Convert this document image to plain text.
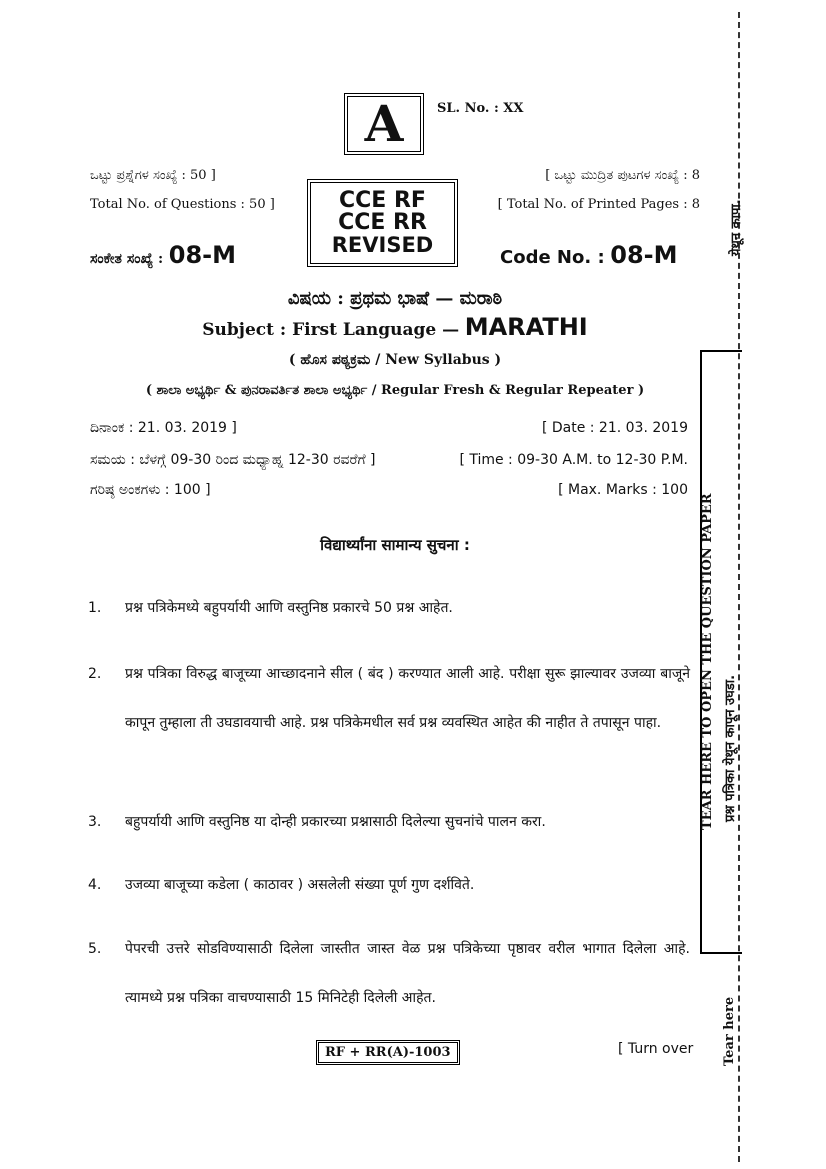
A	SL. No. : XX
ಒಟ್ಟು ಪ್ರಶ್ನೆಗಳ ಸಂಖ್ಯೆ : 50 ]
Total No. of Questions : 50 ]
[ ಒಟ್ಟು ಮುದ್ರಿತ ಪುಟಗಳ ಸಂಖ್ಯೆ : 8
[ Total No. of Printed Pages : 8
CCE RF
CCE RR
REVISED
ಸಂಕೇತ ಸಂಖ್ಯೆ : 08-M	Code No. : 08-M
ವಿಷಯ : ಪ್ರಥಮ ಭಾಷೆ — ಮರಾಠಿ
Subject : First Language — MARATHI
( ಹೊಸ ಪಠ್ಯಕ್ರಮ / New Syllabus )
( ಶಾಲಾ ಅಭ್ಯರ್ಥಿ & ಪುನರಾವರ್ತಿತ ಶಾಲಾ ಅಭ್ಯರ್ಥಿ / Regular Fresh & Regular Repeater )
ದಿನಾಂಕ : 21. 03. 2019 ]	[ Date : 21. 03. 2019
ಸಮಯ : ಬೆಳಗ್ಗೆ 09-30 ರಿಂದ ಮಧ್ಯಾಹ್ನ 12-30 ರವರೆಗೆ ]	[ Time : 09-30 A.M. to 12-30 P.M.
ಗರಿಷ್ಠ ಅಂಕಗಳು : 100 ]	[ Max. Marks : 100
विद्यार्थ्यांना सामान्य सुचना :
1.	प्रश्न पत्रिकेमध्ये बहुपर्यायी आणि वस्तुनिष्ठ प्रकारचे 50 प्रश्न आहेत.
2.	प्रश्न पत्रिका विरुद्ध बाजूच्या आच्छादनाने सील ( बंद ) करण्यात आली आहे. परीक्षा सुरू झाल्यावर उजव्या बाजूने कापून तुम्हाला ती उघडावयाची आहे. प्रश्न पत्रिकेमधील सर्व प्रश्न व्यवस्थित आहेत की नाहीत ते तपासून पाहा.
3.	बहुपर्यायी आणि वस्तुनिष्ठ या दोन्ही प्रकारच्या प्रश्नासाठी दिलेल्या सुचनांचे पालन करा.
4.	उजव्या बाजूच्या कडेला ( काठावर ) असलेली संख्या पूर्ण गुण दर्शविते.
5.	पेपरची उत्तरे सोडविण्यासाठी दिलेला जास्तीत जास्त वेळ प्रश्न पत्रिकेच्या पृष्ठावर वरील भागात दिलेला आहे. त्यामध्ये प्रश्न पत्रिका वाचण्यासाठी 15 मिनिटेही दिलेली आहेत.
RF + RR(A)-1003	[ Turn over
येथून कापा.
TEAR HERE TO OPEN THE QUESTION PAPER प्रश्न पत्रिका येथून कापून उघडा.
Tear here
